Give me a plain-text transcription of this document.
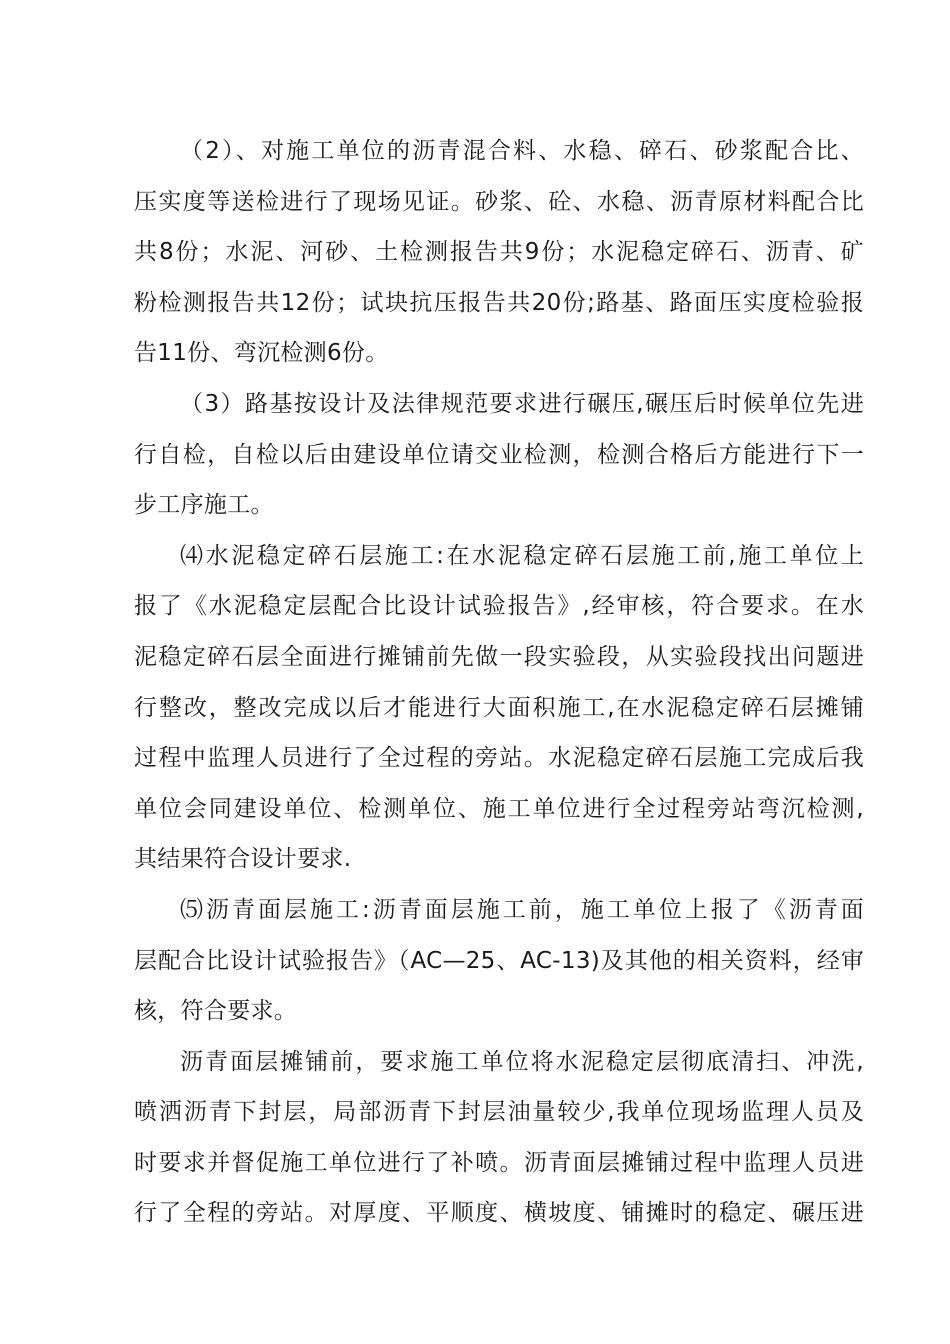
（2）、对施工单位的沥青混合料、水稳、碎石、砂浆配合比、
压实度等送检进行了现场见证。砂浆、砼、水稳、沥青原材料配合比
共8份；水泥、河砂、土检测报告共9份；水泥稳定碎石、沥青、矿
粉检测报告共12份；试块抗压报告共20份;路基、路面压实度检验报
告11份、弯沉检测6份。
（3）路基按设计及法律规范要求进行碾压,碾压后时候单位先进
行自检，自检以后由建设单位请交业检测，检测合格后方能进行下一
步工序施工。
⑷水泥稳定碎石层施工:在水泥稳定碎石层施工前,施工单位上
报了《水泥稳定层配合比设计试验报告》,经审核，符合要求。在水
泥稳定碎石层全面进行摊铺前先做一段实验段，从实验段找出问题进
行整改，整改完成以后才能进行大面积施工,在水泥稳定碎石层摊铺
过程中监理人员进行了全过程的旁站。水泥稳定碎石层施工完成后我
单位会同建设单位、检测单位、施工单位进行全过程旁站弯沉检测,
其结果符合设计要求.
⑸沥青面层施工:沥青面层施工前，施工单位上报了《沥青面
层配合比设计试验报告》（AC—25、AC-13)及其他的相关资料，经审
核，符合要求。
沥青面层摊铺前，要求施工单位将水泥稳定层彻底清扫、冲洗,
喷洒沥青下封层，局部沥青下封层油量较少,我单位现场监理人员及
时要求并督促施工单位进行了补喷。沥青面层摊铺过程中监理人员进
行了全程的旁站。对厚度、平顺度、横坡度、铺摊时的稳定、碾压进
